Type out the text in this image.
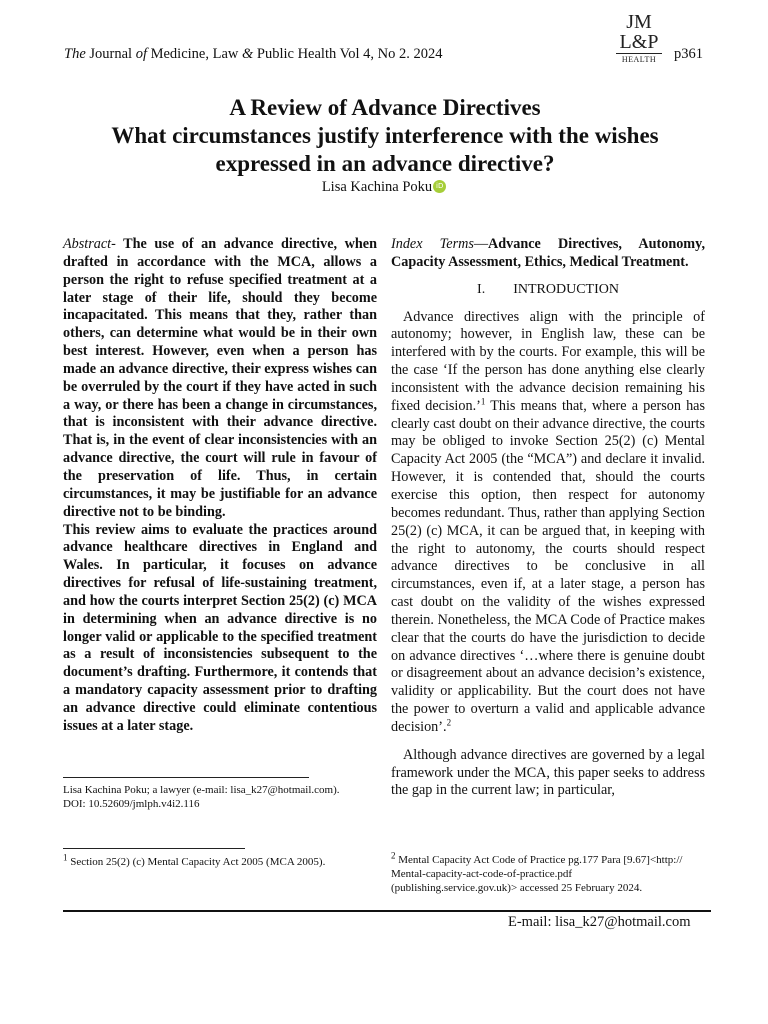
The Journal of Medicine, Law & Public Health Vol 4, No 2. 2024
JM
L&P
HEALTH	p361
A Review of Advance Directives
What circumstances justify interference with the wishes
expressed in an advance directive?
Lisa Kachina Poku iD

Abstract- The use of an advance directive, when drafted in accordance with the MCA, allows a person the right to refuse specified treatment at a later stage of their life, should they become incapacitated. This means that they, rather than others, can determine what would be in their own best interest. However, even when a person has made an advance directive, their express wishes can be overruled by the court if they have acted in such a way, or there has been a change in circumstances, that is inconsistent with their advance directive. That is, in the event of clear inconsistencies with an advance directive, the court will rule in favour of the preservation of life. Thus, in certain circumstances, it may be justifiable for an advance directive not to be binding.

This review aims to evaluate the practices around advance healthcare directives in England and Wales. In particular, it focuses on advance directives for refusal of life-sustaining treatment, and how the courts interpret Section 25(2) (c) MCA in determining when an advance directive is no longer valid or applicable to the specified treatment as a result of inconsistencies subsequent to the document’s drafting. Furthermore, it contends that a mandatory capacity assessment prior to drafting an advance directive could eliminate contentious issues at a later stage.

Index Terms—Advance Directives, Autonomy, Capacity Assessment, Ethics, Medical Treatment.

I. INTRODUCTION

Advance directives align with the principle of autonomy; however, in English law, these can be interfered with by the courts. For example, this will be the case ‘If the person has done anything else clearly inconsistent with the advance decision remaining his fixed decision.’$^1$ This means that, where a person has clearly cast doubt on their advance directive, the courts may be obliged to invoke Section 25(2) (c) Mental Capacity Act 2005 (the “MCA”) and declare it invalid. However, it is contended that, should the courts exercise this option, then respect for autonomy becomes redundant. Thus, rather than applying Section 25(2) (c) MCA, it can be argued that, in keeping with the right to autonomy, the courts should respect advance directives to be conclusive in all circumstances, even if, at a later stage, a person has cast doubt on the validity of the wishes expressed therein. Nonetheless, the MCA Code of Practice makes clear that the courts do have the jurisdiction to decide on advance directives ‘…where there is genuine doubt or disagreement about an advance decision’s existence, validity or applicability. But the court does not have the power to overturn a valid and applicable advance decision’.$^2$

Although advance directives are governed by a legal framework under the MCA, this paper seeks to address the gap in the current law; in particular,

Lisa Kachina Poku; a lawyer (e-mail: lisa_k27@hotmail.com).
DOI: 10.52609/jmlph.v4i2.116
$^1$ Section 25(2) (c) Mental Capacity Act 2005 (MCA 2005).
$^2$ Mental Capacity Act Code of Practice pg.177 Para [9.67]<http://
Mental-capacity-act-code-of-practice.pdf
(publishing.service.gov.uk)> accessed 25 February 2024.
E-mail: lisa_k27@hotmail.com
